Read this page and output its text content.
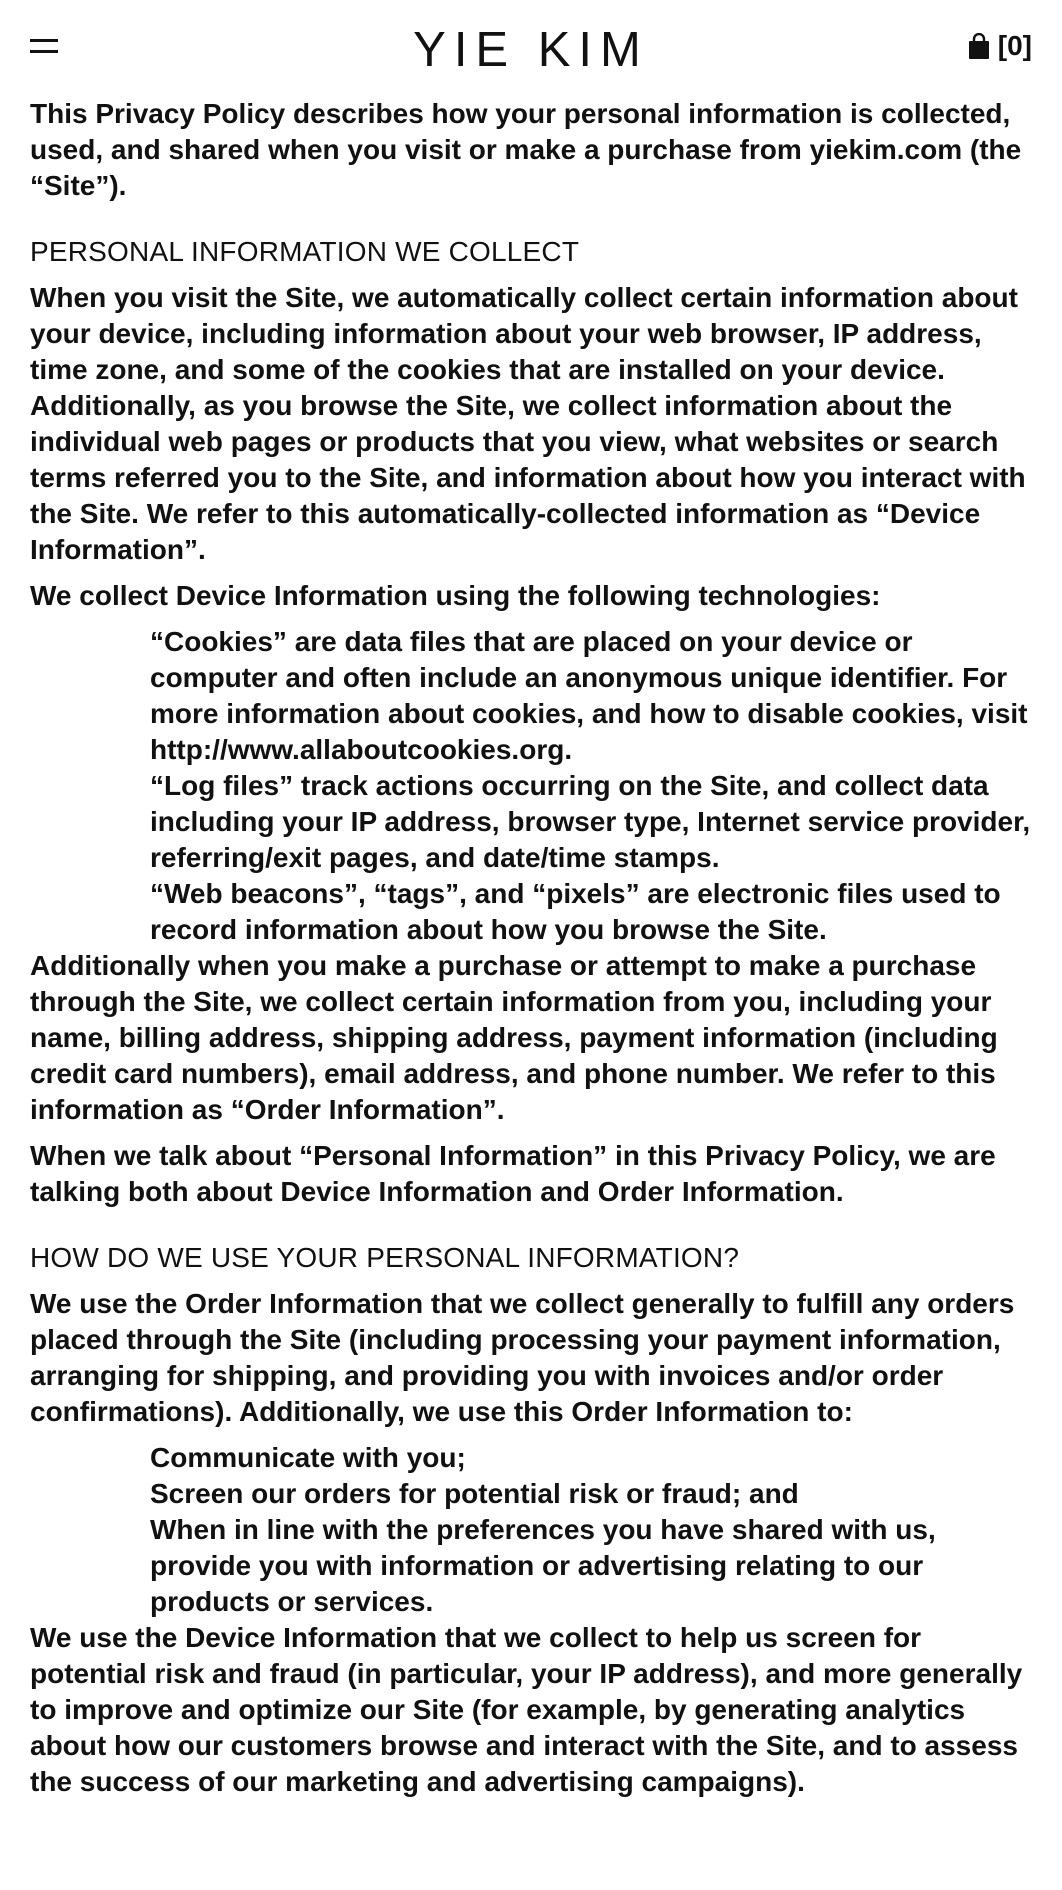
YIE KIM	[0]

This Privacy Policy describes how your personal information is collected, used, and shared when you visit or make a purchase from yiekim.com (the “Site”).

PERSONAL INFORMATION WE COLLECT

When you visit the Site, we automatically collect certain information about your device, including information about your web browser, IP address, time zone, and some of the cookies that are installed on your device. Additionally, as you browse the Site, we collect information about the individual web pages or products that you view, what websites or search terms referred you to the Site, and information about how you interact with the Site. We refer to this automatically-collected information as “Device Information”.

We collect Device Information using the following technologies:

“Cookies” are data files that are placed on your device or computer and often include an anonymous unique identifier. For more information about cookies, and how to disable cookies, visit http://www.allaboutcookies.org.
“Log files” track actions occurring on the Site, and collect data including your IP address, browser type, Internet service provider, referring/exit pages, and date/time stamps.
“Web beacons”, “tags”, and “pixels” are electronic files used to record information about how you browse the Site.

Additionally when you make a purchase or attempt to make a purchase through the Site, we collect certain information from you, including your name, billing address, shipping address, payment information (including credit card numbers), email address, and phone number. We refer to this information as “Order Information”.

When we talk about “Personal Information” in this Privacy Policy, we are talking both about Device Information and Order Information.

HOW DO WE USE YOUR PERSONAL INFORMATION?

We use the Order Information that we collect generally to fulfill any orders placed through the Site (including processing your payment information, arranging for shipping, and providing you with invoices and/or order confirmations). Additionally, we use this Order Information to:

Communicate with you;
Screen our orders for potential risk or fraud; and
When in line with the preferences you have shared with us, provide you with information or advertising relating to our products or services.

We use the Device Information that we collect to help us screen for potential risk and fraud (in particular, your IP address), and more generally to improve and optimize our Site (for example, by generating analytics about how our customers browse and interact with the Site, and to assess the success of our marketing and advertising campaigns).
